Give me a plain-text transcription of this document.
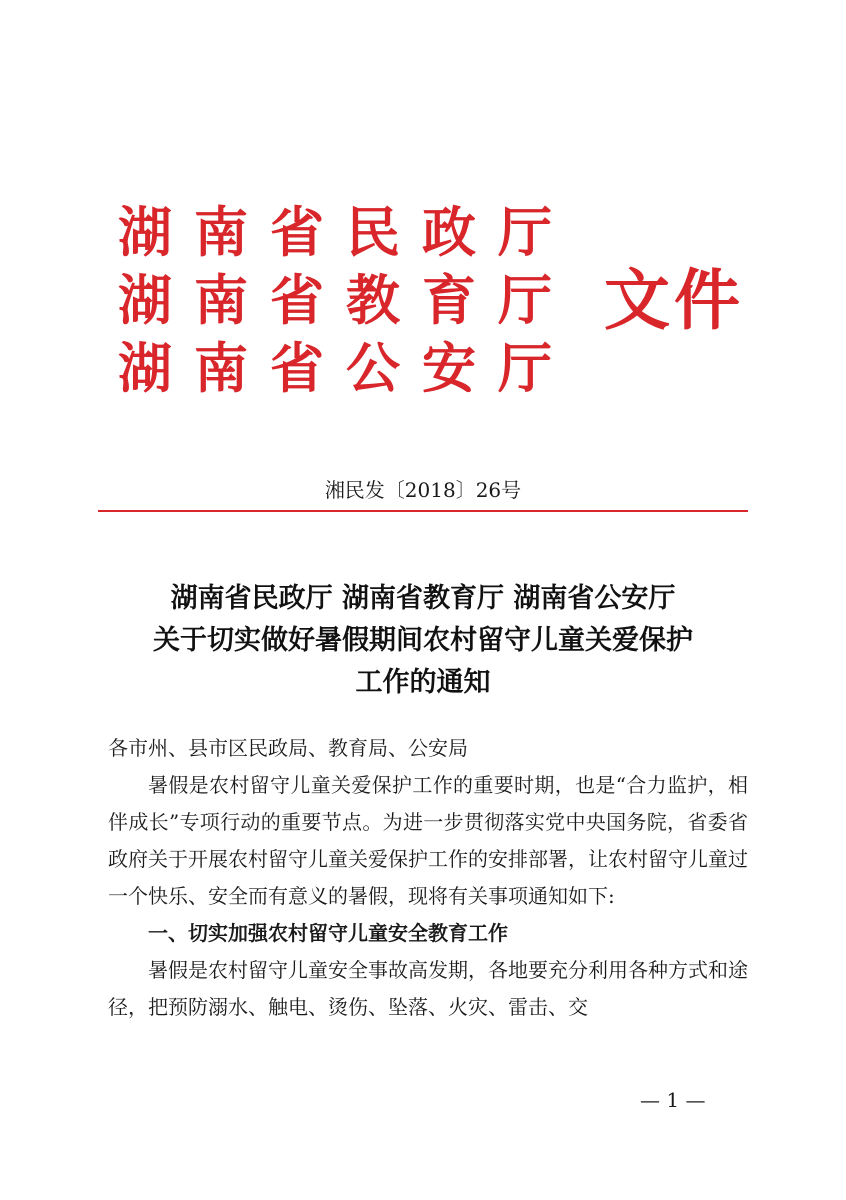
湖南省民政厅
湖南省教育厅
湖南省公安厅
文件
湘民发〔2018〕26号
湖南省民政厅 湖南省教育厅 湖南省公安厅
关于切实做好暑假期间农村留守儿童关爱保护
工作的通知

各市州、县市区民政局、教育局、公安局

暑假是农村留守儿童关爱保护工作的重要时期，也是“合力监护，相伴成长”专项行动的重要节点。为进一步贯彻落实党中央国务院，省委省政府关于开展农村留守儿童关爱保护工作的安排部署，让农村留守儿童过一个快乐、安全而有意义的暑假，现将有关事项通知如下:

一、切实加强农村留守儿童安全教育工作

暑假是农村留守儿童安全事故高发期，各地要充分利用各种方式和途径，把预防溺水、触电、烫伤、坠落、火灾、雷击、交

— 1 —
